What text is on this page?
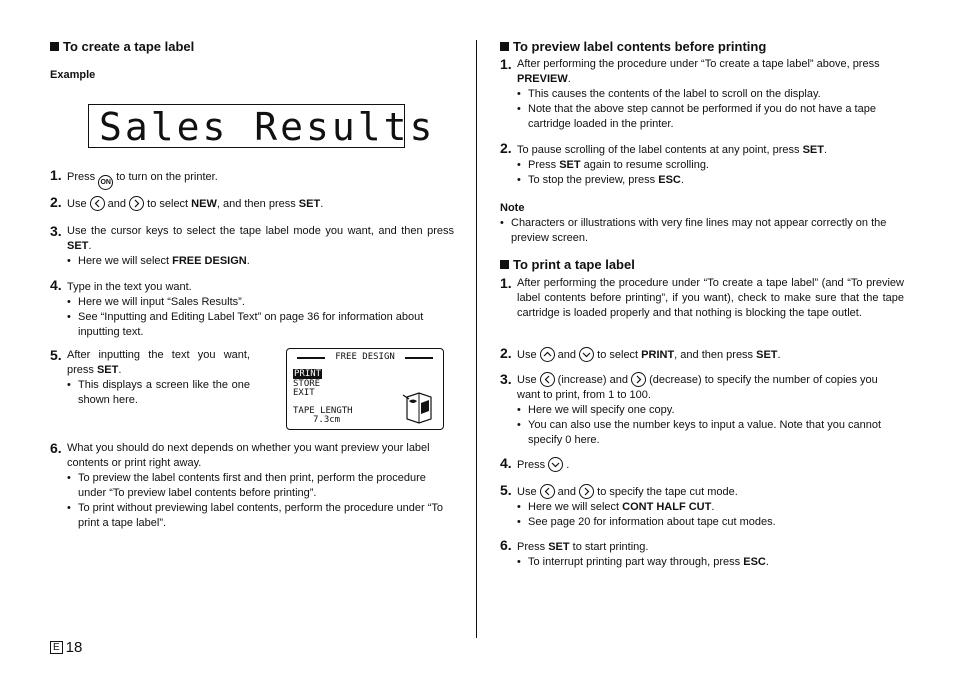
To create a tape label
Example
Sales Results
1. Press ON to turn on the printer.
2. Use
and
to select NEW, and then press SET.
3. Use the cursor keys to select the tape label mode you want, and then press SET.
• Here we will select FREE DESIGN.
4. Type in the text you want.
• Here we will input “Sales Results”.
• See “Inputting and Editing Label Text” on page 36 for information about inputting text.
5. After inputting the text you want, press SET.
• This displays a screen like the one shown here.
FREE DESIGN
PRINT
STORE
EXIT
TAPE LENGTH
7.3cm
6. What you should do next depends on whether you want preview your label contents or print right away.
• To preview the label contents first and then print, perform the procedure under “To preview label contents before printing”.
• To print without previewing label contents, perform the procedure under “To print a tape label”.
To preview label contents before printing
1. After performing the procedure under “To create a tape label” above, press PREVIEW.
• This causes the contents of the label to scroll on the display.
• Note that the above step cannot be performed if you do not have a tape cartridge loaded in the printer.
2. To pause scrolling of the label contents at any point, press SET.
• Press SET again to resume scrolling.
• To stop the preview, press ESC.
Note
• Characters or illustrations with very fine lines may not appear correctly on the preview screen.
To print a tape label
1. After performing the procedure under “To create a tape label” (and “To preview label contents before printing”, if you want), check to make sure that the tape cartridge is loaded properly and that nothing is blocking the tape outlet.
2. Use
and
to select PRINT, and then press SET.
3. Use
(increase) and
(decrease) to specify the number of copies you want to print, from 1 to 100.
• Here we will specify one copy.
• You can also use the number keys to input a value. Note that you cannot specify 0 here.
4. Press
.
5. Use
and
to specify the tape cut mode.
• Here we will select CONT HALF CUT.
• See page 20 for information about tape cut modes.
6. Press SET to start printing.
• To interrupt printing part way through, press ESC.
E 18
